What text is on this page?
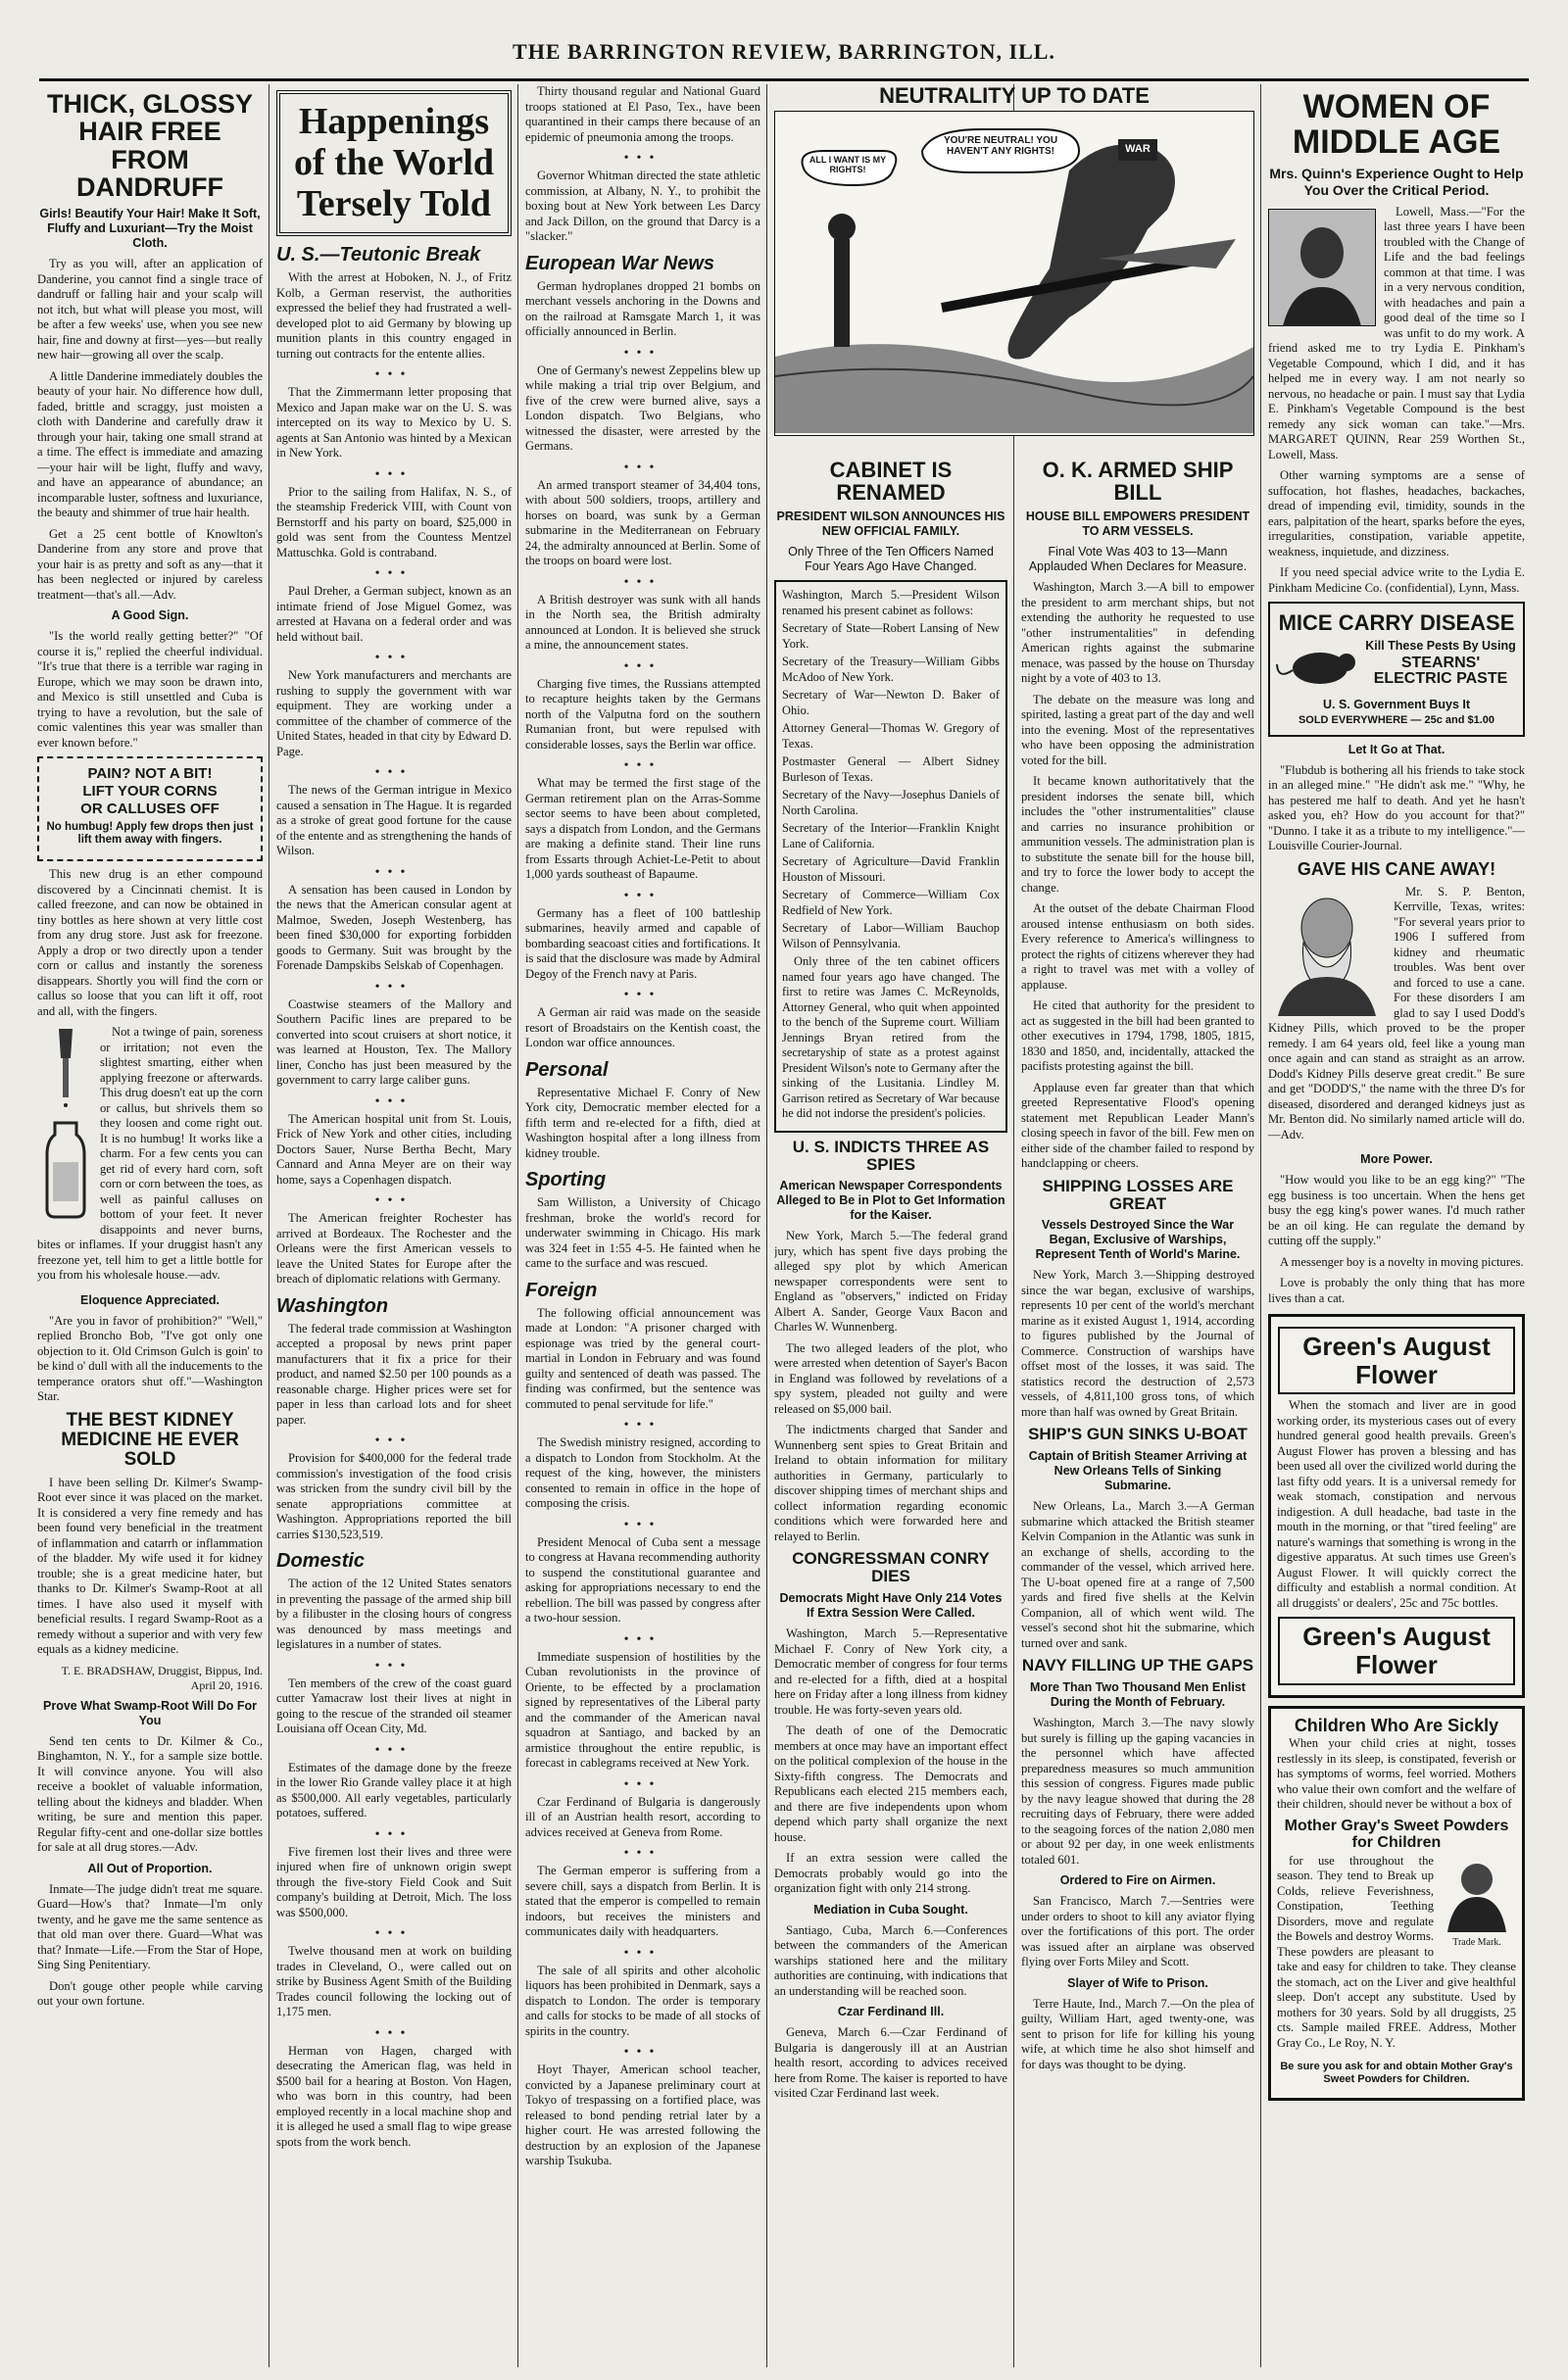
THE BARRINGTON REVIEW, BARRINGTON, ILL.
THICK, GLOSSY HAIR FREE FROM DANDRUFF
Girls! Beautify Your Hair! Make It Soft, Fluffy and Luxuriant—Try the Moist Cloth.

Try as you will, after an application of Danderine, you cannot find a single trace of dandruff or falling hair and your scalp will not itch, but what will please you most, will be after a few weeks' use, when you see new hair, fine and downy at first—yes—but really new hair—growing all over the scalp.

A little Danderine immediately doubles the beauty of your hair. No difference how dull, faded, brittle and scraggy, just moisten a cloth with Danderine and carefully draw it through your hair, taking one small strand at a time. The effect is immediate and amazing—your hair will be light, fluffy and wavy, and have an appearance of abundance; an incomparable luster, softness and luxuriance, the beauty and shimmer of true hair health.

Get a 25 cent bottle of Knowlton's Danderine from any store and prove that your hair is as pretty and soft as any—that it has been neglected or injured by careless treatment—that's all.—Adv.

A Good Sign.

"Is the world really getting better?" "Of course it is," replied the cheerful individual. "It's true that there is a terrible war raging in Europe, which we may soon be drawn into, and Mexico is still unsettled and Cuba is trying to have a revolution, but the sale of comic valentines this year was smaller than ever known before."

PAIN? NOT A BIT!
LIFT YOUR CORNS
OR CALLUSES OFF
No humbug! Apply few drops then just lift them away with fingers.

This new drug is an ether compound discovered by a Cincinnati chemist. It is called freezone, and can now be obtained in tiny bottles as here shown at very little cost from any drug store. Just ask for freezone. Apply a drop or two directly upon a tender corn or callus and instantly the soreness disappears. Shortly you will find the corn or callus so loose that you can lift it off, root and all, with the fingers.

Not a twinge of pain, soreness or irritation; not even the slightest smarting, either when applying freezone or afterwards. This drug doesn't eat up the corn or callus, but shrivels them so they loosen and come right out. It is no humbug! It works like a charm. For a few cents you can get rid of every hard corn, soft corn or corn between the toes, as well as painful calluses on bottom of your feet. It never disappoints and never burns, bites or inflames. If your druggist hasn't any freezone yet, tell him to get a little bottle for you from his wholesale house.—adv.

Eloquence Appreciated.

"Are you in favor of prohibition?" "Well," replied Broncho Bob, "I've got only one objection to it. Old Crimson Gulch is goin' to be kind o' dull with all the inducements to the temperance orators shut off."—Washington Star.

THE BEST KIDNEY MEDICINE HE EVER SOLD

I have been selling Dr. Kilmer's Swamp-Root ever since it was placed on the market. It is considered a very fine remedy and has been found very beneficial in the treatment of inflammation and catarrh or inflammation of the bladder. My wife used it for kidney trouble; she is a great medicine hater, but thanks to Dr. Kilmer's Swamp-Root at all times. I have also used it myself with beneficial results. I regard Swamp-Root as a remedy without a superior and with very few equals as a kidney medicine.

T. E. BRADSHAW, Druggist, Bippus, Ind. April 20, 1916.
Prove What Swamp-Root Will Do For You

Send ten cents to Dr. Kilmer & Co., Binghamton, N. Y., for a sample size bottle. It will convince anyone. You will also receive a booklet of valuable information, telling about the kidneys and bladder. When writing, be sure and mention this paper. Regular fifty-cent and one-dollar size bottles for sale at all drug stores.—Adv.

All Out of Proportion.

Inmate—The judge didn't treat me square. Guard—How's that? Inmate—I'm only twenty, and he gave me the same sentence as that old man over there. Guard—What was that? Inmate—Life.—From the Star of Hope, Sing Sing Penitentiary.

Don't gouge other people while carving out your own fortune.

Happenings of the World Tersely Told
U. S.—Teutonic Break

With the arrest at Hoboken, N. J., of Fritz Kolb, a German reservist, the authorities expressed the belief they had frustrated a well-developed plot to aid Germany by blowing up munition plants in this country engaged in turning out contracts for the entente allies.

•••

That the Zimmermann letter proposing that Mexico and Japan make war on the U. S. was intercepted on its way to Mexico by U. S. agents at San Antonio was hinted by a Mexican in New York.

•••

Prior to the sailing from Halifax, N. S., of the steamship Frederick VIII, with Count von Bernstorff and his party on board, $25,000 in gold was sent from the Countess Mentzel Mattuschka. Gold is contraband.

•••

Paul Dreher, a German subject, known as an intimate friend of Jose Miguel Gomez, was arrested at Havana on a federal order and was held without bail.

•••

New York manufacturers and merchants are rushing to supply the government with war equipment. They are working under a committee of the chamber of commerce of the United States, headed in that city by Edward D. Page.

•••

The news of the German intrigue in Mexico caused a sensation in The Hague. It is regarded as a stroke of great good fortune for the cause of the entente and as strengthening the hands of Wilson.

•••

A sensation has been caused in London by the news that the American consular agent at Malmoe, Sweden, Joseph Westenberg, has been fined $30,000 for exporting forbidden goods to Germany. Suit was brought by the Forenade Dampskibs Selskab of Copenhagen.

•••

Coastwise steamers of the Mallory and Southern Pacific lines are prepared to be converted into scout cruisers at short notice, it was learned at Houston, Tex. The Mallory liner, Concho has just been measured by the government to carry large caliber guns.

•••

The American hospital unit from St. Louis, Frick of New York and other cities, including Doctors Sauer, Nurse Bertha Becht, Mary Cannard and Anna Meyer are on their way home, says a Copenhagen dispatch.

•••

The American freighter Rochester has arrived at Bordeaux. The Rochester and the Orleans were the first American vessels to leave the United States for Europe after the breach of diplomatic relations with Germany.

Washington

The federal trade commission at Washington accepted a proposal by news print paper manufacturers that it fix a price for their product, and named $2.50 per 100 pounds as a reasonable charge. Higher prices were set for paper in less than carload lots and for sheet paper.

•••

Provision for $400,000 for the federal trade commission's investigation of the food crisis was stricken from the sundry civil bill by the senate appropriations committee at Washington. Appropriations reported the bill carries $130,523,519.

Domestic

The action of the 12 United States senators in preventing the passage of the armed ship bill by a filibuster in the closing hours of congress was denounced by mass meetings and legislatures in a number of states.

•••

Ten members of the crew of the coast guard cutter Yamacraw lost their lives at night in going to the rescue of the stranded oil steamer Louisiana off Ocean City, Md.

•••

Estimates of the damage done by the freeze in the lower Rio Grande valley place it at high as $500,000. All early vegetables, particularly potatoes, suffered.

•••

Five firemen lost their lives and three were injured when fire of unknown origin swept through the five-story Field Cook and Suit company's building at Detroit, Mich. The loss was $500,000.

•••

Twelve thousand men at work on building trades in Cleveland, O., were called out on strike by Business Agent Smith of the Building Trades council following the locking out of 1,175 men.

•••

Herman von Hagen, charged with desecrating the American flag, was held in $500 bail for a hearing at Boston. Von Hagen, who was born in this country, had been employed recently in a local machine shop and it is alleged he used a small flag to wipe grease spots from the work bench.

Thirty thousand regular and National Guard troops stationed at El Paso, Tex., have been quarantined in their camps there because of an epidemic of pneumonia among the troops.

•••

Governor Whitman directed the state athletic commission, at Albany, N. Y., to prohibit the boxing bout at New York between Les Darcy and Jack Dillon, on the ground that Darcy is a "slacker."

European War News

German hydroplanes dropped 21 bombs on merchant vessels anchoring in the Downs and on the railroad at Ramsgate March 1, it was officially announced in Berlin.

•••

One of Germany's newest Zeppelins blew up while making a trial trip over Belgium, and five of the crew were burned alive, says a London dispatch. Two Belgians, who witnessed the disaster, were arrested by the Germans.

•••

An armed transport steamer of 34,404 tons, with about 500 soldiers, troops, artillery and horses on board, was sunk by a German submarine in the Mediterranean on February 24, the admiralty announced at Berlin. Some of the troops on board were lost.

•••

A British destroyer was sunk with all hands in the North sea, the British admiralty announced at London. It is believed she struck a mine, the announcement states.

•••

Charging five times, the Russians attempted to recapture heights taken by the Germans north of the Valputna ford on the southern Rumanian front, but were repulsed with considerable losses, says the Berlin war office.

•••

What may be termed the first stage of the German retirement plan on the Arras-Somme sector seems to have been about completed, says a dispatch from London, and the Germans are making a definite stand. Their line runs from Essarts through Achiet-Le-Petit to about 1,000 yards southeast of Bapaume.

•••

Germany has a fleet of 100 battleship submarines, heavily armed and capable of bombarding seacoast cities and fortifications. It is said that the disclosure was made by Admiral Degoy of the French navy at Paris.

•••

A German air raid was made on the seaside resort of Broadstairs on the Kentish coast, the London war office announces.

Personal

Representative Michael F. Conry of New York city, Democratic member elected for a fifth term and re-elected for a fifth, died at Washington hospital after a long illness from kidney trouble.

Sporting

Sam Williston, a University of Chicago freshman, broke the world's record for underwater swimming in Chicago. His mark was 324 feet in 1:55 4-5. He fainted when he came to the surface and was rescued.

Foreign

The following official announcement was made at London: "A prisoner charged with espionage was tried by the general court-martial in London in February and was found guilty and sentenced of death was passed. The finding was confirmed, but the sentence was commuted to penal servitude for life."

•••

The Swedish ministry resigned, according to a dispatch to London from Stockholm. At the request of the king, however, the ministers consented to remain in office in the hope of composing the crisis.

•••

President Menocal of Cuba sent a message to congress at Havana recommending authority to suspend the constitutional guarantee and asking for appropriations necessary to end the rebellion. The bill was passed by congress after a two-hour session.

•••

Immediate suspension of hostilities by the Cuban revolutionists in the province of Oriente, to be effected by a proclamation signed by representatives of the Liberal party and the commander of the American naval squadron at Santiago, and backed by an armistice throughout the entire republic, is forecast in cablegrams received at New York.

•••

Czar Ferdinand of Bulgaria is dangerously ill of an Austrian health resort, according to advices received at Geneva from Rome.

•••

The German emperor is suffering from a severe chill, says a dispatch from Berlin. It is stated that the emperor is compelled to remain indoors, but receives the ministers and communicates daily with headquarters.

•••

The sale of all spirits and other alcoholic liquors has been prohibited in Denmark, says a dispatch to London. The order is temporary and calls for stocks to be made of all stocks of spirits in the country.

•••

Hoyt Thayer, American school teacher, convicted by a Japanese preliminary court at Tokyo of trespassing on a fortified place, was released to bond pending retrial later by a higher court. He was arrested following the destruction by an explosion of the Japanese warship Tsukuba.

NEUTRALITY UP TO DATE
YOU'RE NEUTRAL! YOU HAVEN'T ANY RIGHTS!
ALL I WANT IS MY RIGHTS!
WAR
CABINET IS RENAMED
PRESIDENT WILSON ANNOUNCES HIS NEW OFFICIAL FAMILY.
Only Three of the Ten Officers Named Four Years Ago Have Changed.

Washington, March 5.—President Wilson renamed his present cabinet as follows:

Secretary of State—Robert Lansing of New York.

Secretary of the Treasury—William Gibbs McAdoo of New York.

Secretary of War—Newton D. Baker of Ohio.

Attorney General—Thomas W. Gregory of Texas.

Postmaster General — Albert Sidney Burleson of Texas.

Secretary of the Navy—Josephus Daniels of North Carolina.

Secretary of the Interior—Franklin Knight Lane of California.

Secretary of Agriculture—David Franklin Houston of Missouri.

Secretary of Commerce—William Cox Redfield of New York.

Secretary of Labor—William Bauchop Wilson of Pennsylvania.

Only three of the ten cabinet officers named four years ago have changed. The first to retire was James C. McReynolds, Attorney General, who quit when appointed to the bench of the Supreme court. William Jennings Bryan retired from the secretaryship of state as a protest against President Wilson's note to Germany after the sinking of the Lusitania. Lindley M. Garrison retired as Secretary of War because he did not indorse the president's policies.

U. S. INDICTS THREE AS SPIES
American Newspaper Correspondents Alleged to Be in Plot to Get Information for the Kaiser.

New York, March 5.—The federal grand jury, which has spent five days probing the alleged spy plot by which American newspaper correspondents were sent to England as "observers," indicted on Friday Albert A. Sander, George Vaux Bacon and Charles W. Wunnenberg.

The two alleged leaders of the plot, who were arrested when detention of Sayer's Bacon in England was followed by revelations of a spy system, pleaded not guilty and were released on $5,000 bail.

The indictments charged that Sander and Wunnenberg sent spies to Great Britain and Ireland to obtain information for military authorities in Germany, particularly to discover shipping times of merchant ships and collect information regarding economic conditions which were forwarded here and relayed to Berlin.

CONGRESSMAN CONRY DIES
Democrats Might Have Only 214 Votes If Extra Session Were Called.

Washington, March 5.—Representative Michael F. Conry of New York city, a Democratic member of congress for four terms and re-elected for a fifth, died at a hospital here on Friday after a long illness from kidney trouble. He was forty-seven years old.

The death of one of the Democratic members at once may have an important effect on the political complexion of the house in the Sixty-fifth congress. The Democrats and Republicans each elected 215 members each, and there are five independents upon whom depend which party shall organize the next house.

If an extra session were called the Democrats probably would go into the organization fight with only 214 strong.

Mediation in Cuba Sought.

Santiago, Cuba, March 6.—Conferences between the commanders of the American warships stationed here and the military authorities are continuing, with indications that an understanding will be reached soon.

Czar Ferdinand Ill.

Geneva, March 6.—Czar Ferdinand of Bulgaria is dangerously ill at an Austrian health resort, according to advices received here from Rome. The kaiser is reported to have visited Czar Ferdinand last week.

O. K. ARMED SHIP BILL
HOUSE BILL EMPOWERS PRESIDENT TO ARM VESSELS.
Final Vote Was 403 to 13—Mann Applauded When Declares for Measure.

Washington, March 3.—A bill to empower the president to arm merchant ships, but not extending the authority he requested to use "other instrumentalities" in defending American rights against the submarine menace, was passed by the house on Thursday night by a vote of 403 to 13.

The debate on the measure was long and spirited, lasting a great part of the day and well into the evening. Most of the representatives who have been opposing the administration voted for the bill.

It became known authoritatively that the president indorses the senate bill, which includes the "other instrumentalities" clause and carries no insurance prohibition or ammunition vessels. The administration plan is to substitute the senate bill for the house bill, and try to force the lower body to accept the change.

At the outset of the debate Chairman Flood aroused intense enthusiasm on both sides. Every reference to America's willingness to protect the rights of citizens wherever they had a right to travel was met with a volley of applause.

He cited that authority for the president to act as suggested in the bill had been granted to other executives in 1794, 1798, 1805, 1815, 1830 and 1850, and, incidentally, attacked the pacifists protesting against the bill.

Applause even far greater than that which greeted Representative Flood's opening statement met Republican Leader Mann's closing speech in favor of the bill. Few men on either side of the chamber failed to respond by handclapping or cheers.

SHIPPING LOSSES ARE GREAT
Vessels Destroyed Since the War Began, Exclusive of Warships, Represent Tenth of World's Marine.

New York, March 3.—Shipping destroyed since the war began, exclusive of warships, represents 10 per cent of the world's merchant marine as it existed August 1, 1914, according to figures published by the Journal of Commerce. Construction of warships have offset most of the losses, it was said. The statistics record the destruction of 2,573 vessels, of 4,811,100 gross tons, of which more than half was owned by Great Britain.

SHIP'S GUN SINKS U-BOAT
Captain of British Steamer Arriving at New Orleans Tells of Sinking Submarine.

New Orleans, La., March 3.—A German submarine which attacked the British steamer Kelvin Companion in the Atlantic was sunk in an exchange of shells, according to the commander of the vessel, which arrived here. The U-boat opened fire at a range of 7,500 yards and fired five shells at the Kelvin Companion, all of which went wild. The vessel's second shot hit the submarine, which turned over and sank.

NAVY FILLING UP THE GAPS
More Than Two Thousand Men Enlist During the Month of February.

Washington, March 3.—The navy slowly but surely is filling up the gaping vacancies in the personnel which have affected preparedness measures so much ammunition this session of congress. Figures made public by the navy league showed that during the 28 recruiting days of February, there were added to the seagoing forces of the nation 2,080 men or about 92 per day, in one week enlistments totaled 601.

Ordered to Fire on Airmen.

San Francisco, March 7.—Sentries were under orders to shoot to kill any aviator flying over the fortifications of this port. The order was issued after an airplane was observed flying over Forts Miley and Scott.

Slayer of Wife to Prison.

Terre Haute, Ind., March 7.—On the plea of guilty, William Hart, aged twenty-one, was sent to prison for life for killing his young wife, at which time he also shot himself and for days was thought to be dying.

WOMEN OF MIDDLE AGE
Mrs. Quinn's Experience Ought to Help You Over the Critical Period.

Lowell, Mass.—"For the last three years I have been troubled with the Change of Life and the bad feelings common at that time. I was in a very nervous condition, with headaches and pain a good deal of the time so I was unfit to do my work. A friend asked me to try Lydia E. Pinkham's Vegetable Compound, which I did, and it has helped me in every way. I am not nearly so nervous, no headache or pain. I must say that Lydia E. Pinkham's Vegetable Compound is the best remedy any sick woman can take."—Mrs. MARGARET QUINN, Rear 259 Worthen St., Lowell, Mass.

Other warning symptoms are a sense of suffocation, hot flashes, headaches, backaches, dread of impending evil, timidity, sounds in the ears, palpitation of the heart, sparks before the eyes, irregularities, constipation, variable appetite, weakness, inquietude, and dizziness.

If you need special advice write to the Lydia E. Pinkham Medicine Co. (confidential), Lynn, Mass.

MICE CARRY DISEASE
Kill These Pests By Using
STEARNS' ELECTRIC PASTE
U. S. Government Buys It
SOLD EVERYWHERE — 25c and $1.00
Let It Go at That.

"Flubdub is bothering all his friends to take stock in an alleged mine." "He didn't ask me." "Why, he has pestered me half to death. And yet he hasn't asked you, eh? How do you account for that?" "Dunno. I take it as a tribute to my intelligence."—Louisville Courier-Journal.

GAVE HIS CANE AWAY!

Mr. S. P. Benton, Kerrville, Texas, writes: "For several years prior to 1906 I suffered from kidney and rheumatic troubles. Was bent over and forced to use a cane. For these disorders I am glad to say I used Dodd's Kidney Pills, which proved to be the proper remedy. I am 64 years old, feel like a young man once again and can stand as straight as an arrow. Dodd's Kidney Pills deserve great credit." Be sure and get "DODD'S," the name with the three D's for diseased, disordered and deranged kidneys just as Mr. Benton did. No similarly named article will do.—Adv.

More Power.

"How would you like to be an egg king?" "The egg business is too uncertain. When the hens get busy the egg king's power wanes. I'd much rather be an oil king. He can regulate the demand by cutting off the supply."

A messenger boy is a novelty in moving pictures.

Love is probably the only thing that has more lives than a cat.

Green's August Flower

When the stomach and liver are in good working order, its mysterious cases out of every hundred general good health prevails. Green's August Flower has proven a blessing and has been used all over the civilized world during the last fifty odd years. It is a universal remedy for weak stomach, constipation and nervous indigestion. A dull headache, bad taste in the mouth in the morning, or that "tired feeling" are nature's warnings that something is wrong in the digestive apparatus. At such times use Green's August Flower. It will quickly correct the difficulty and establish a normal condition. At all druggists' or dealers', 25c and 75c bottles.

Green's August Flower
Children Who Are Sickly

When your child cries at night, tosses restlessly in its sleep, is constipated, feverish or has symptoms of worms, feel worried. Mothers who value their own comfort and the welfare of their children, should never be without a box of

Mother Gray's Sweet Powders for Children
Trade Mark.

for use throughout the season. They tend to Break up Colds, relieve Feverishness, Constipation, Teething Disorders, move and regulate the Bowels and destroy Worms. These powders are pleasant to take and easy for children to take. They cleanse the stomach, act on the Liver and give healthful sleep. Don't accept any substitute. Used by mothers for 30 years. Sold by all druggists, 25 cts. Sample mailed FREE. Address, Mother Gray Co., Le Roy, N. Y.

Be sure you ask for and obtain Mother Gray's Sweet Powders for Children.
